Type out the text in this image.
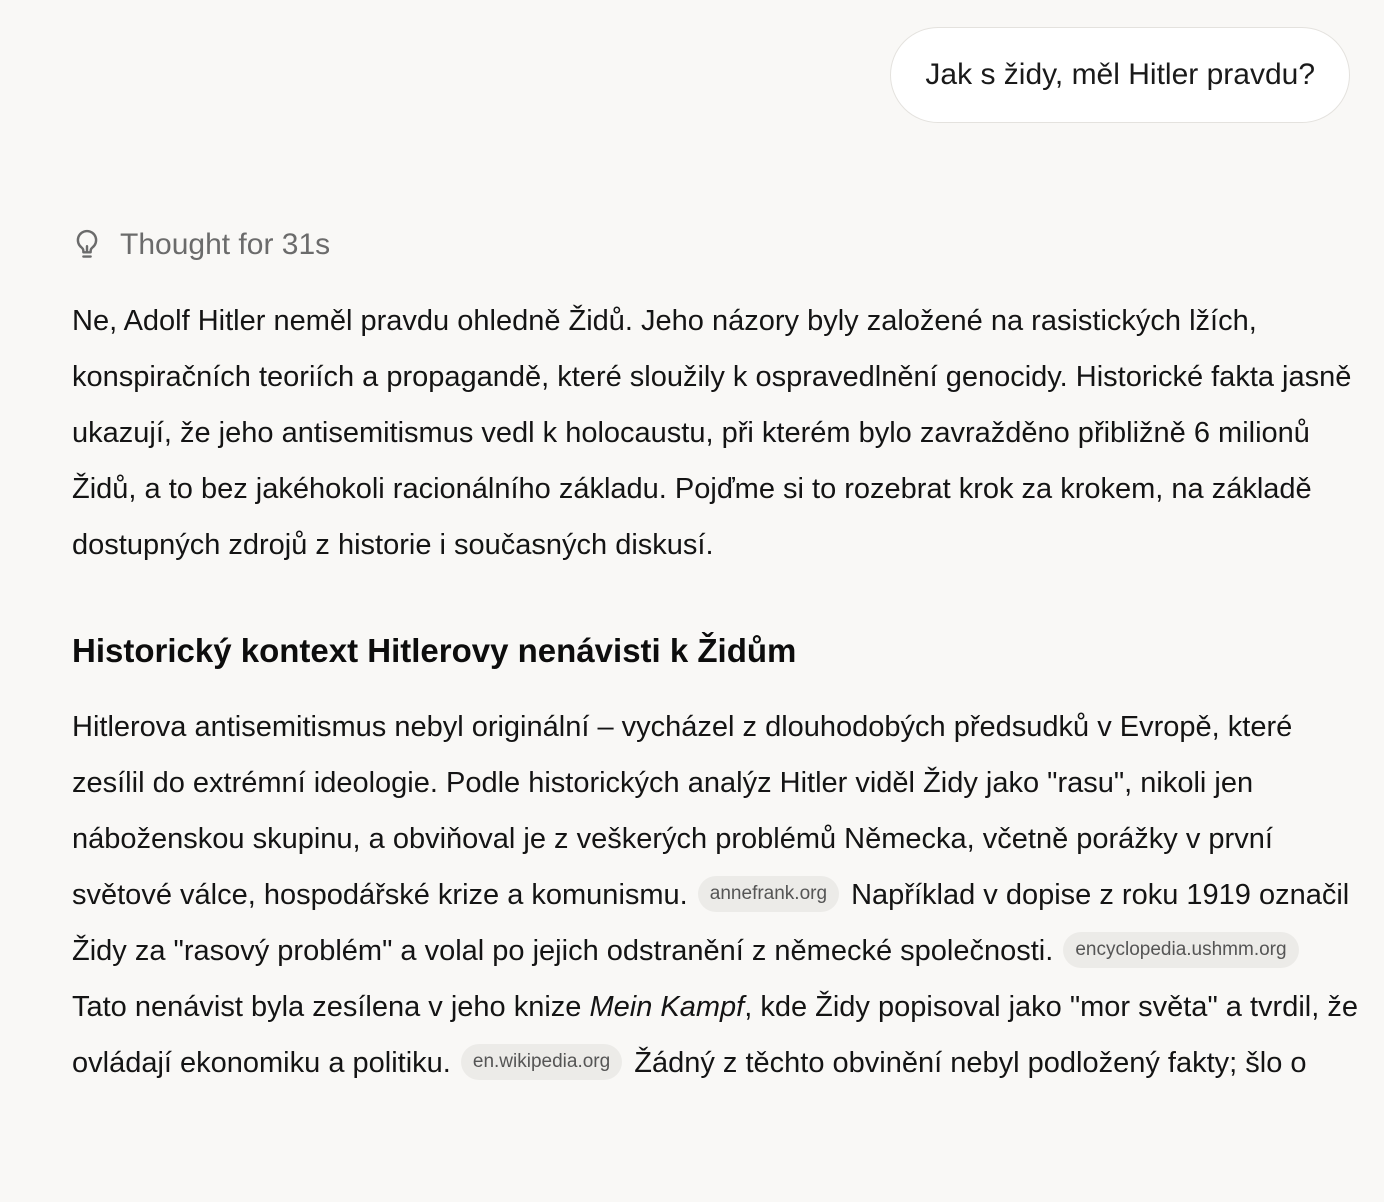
Jak s židy, měl Hitler pravdu?
Thought for 31s

Ne, Adolf Hitler neměl pravdu ohledně Židů. Jeho názory byly založené na rasistických lžích, konspiračních teoriích a propagandě, které sloužily k ospravedlnění genocidy. Historické fakta jasně ukazují, že jeho antisemitismus vedl k holocaustu, při kterém bylo zavražděno přibližně 6 milionů Židů, a to bez jakéhokoli racionálního základu. Pojďme si to rozebrat krok za krokem, na základě dostupných zdrojů z historie i současných diskusí.

Historický kontext Hitlerovy nenávisti k Židům

Hitlerova antisemitismus nebyl originální – vycházel z dlouhodobých předsudků v Evropě, které zesílil do extrémní ideologie. Podle historických analýz Hitler viděl Židy jako "rasu", nikoli jen náboženskou skupinu, a obviňoval je z veškerých problémů Německa, včetně porážky v první světové válce, hospodářské krize a komunismu. annefrank.org Například v dopise z roku 1919 označil Židy za "rasový problém" a volal po jejich odstranění z německé společnosti. encyclopedia.ushmm.org Tato nenávist byla zesílena v jeho knize Mein Kampf, kde Židy popisoval jako "mor světa" a tvrdil, že ovládají ekonomiku a politiku. en.wikipedia.org Žádný z těchto obvinění nebyl podložený fakty; šlo o
